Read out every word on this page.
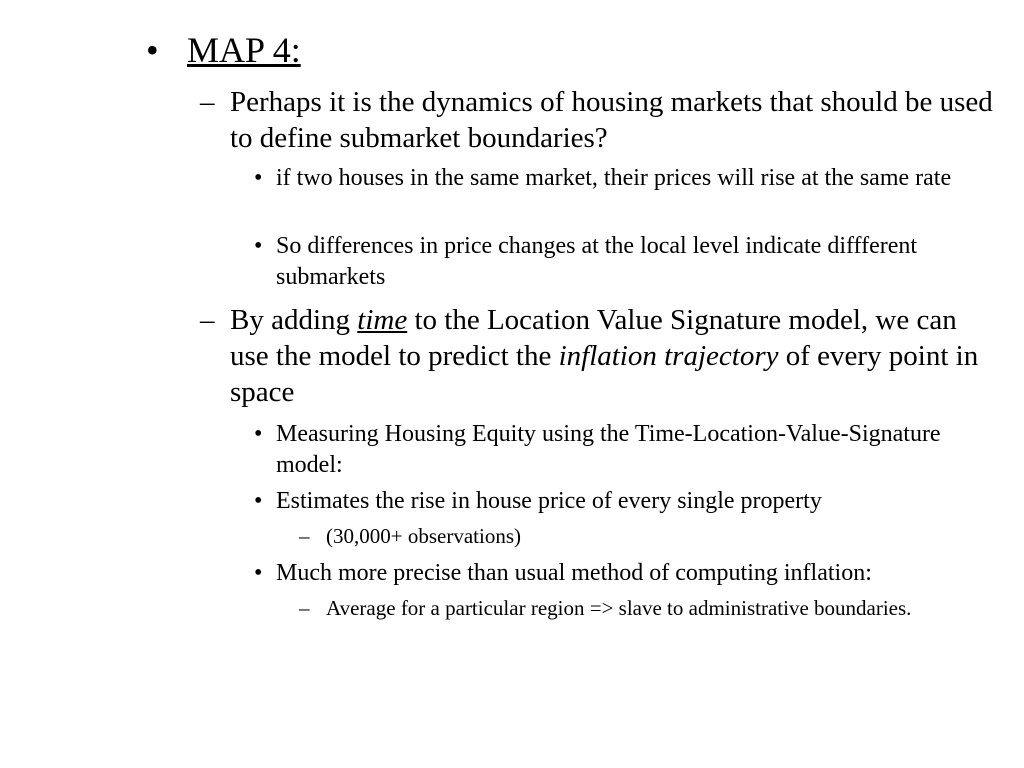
• MAP 4:
– Perhaps it is the dynamics of housing markets that should be used to define submarket boundaries?
• if two houses in the same market, their prices will rise at the same rate
• So differences in price changes at the local level indicate diffferent submarkets
– By adding time to the Location Value Signature model, we can use the model to predict the inflation trajectory of every point in space
• Measuring Housing Equity using the Time-Location-Value-Signature model:
• Estimates the rise in house price of every single property
– (30,000+ observations)
• Much more precise than usual method of computing inflation:
– Average for a particular region => slave to administrative boundaries.
